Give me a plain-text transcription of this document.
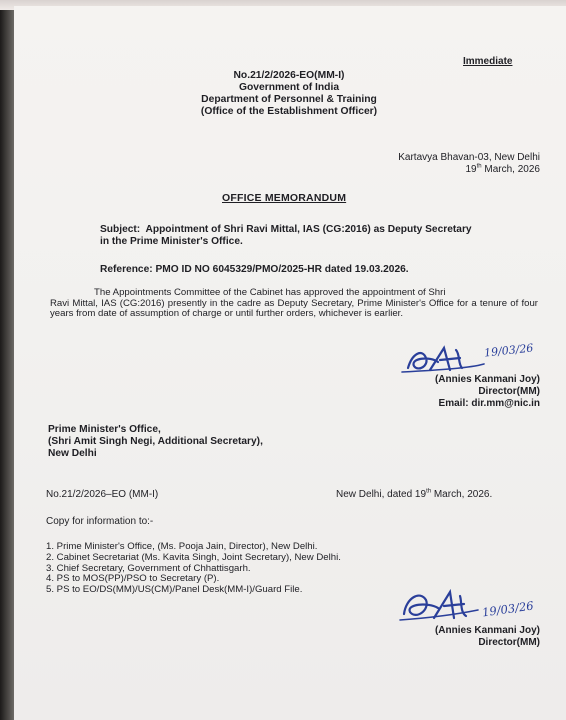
Immediate
No.21/2/2026-EO(MM-I)
Government of India
Department of Personnel & Training
(Office of the Establishment Officer)
Kartavya Bhavan-03, New Delhi
19th March, 2026
OFFICE MEMORANDUM
Subject: Appointment of Shri Ravi Mittal, IAS (CG:2016) as Deputy Secretary
in the Prime Minister's Office.
Reference: PMO ID NO 6045329/PMO/2025-HR dated 19.03.2026.
The Appointments Committee of the Cabinet has approved the appointment of Shri
Ravi Mittal, IAS (CG:2016) presently in the cadre as Deputy Secretary, Prime Minister's Office for a tenure of four years from date of assumption of charge or until further orders, whichever is earlier.
19/03/26
(Annies Kanmani Joy)
Director(MM)
Email: dir.mm@nic.in
Prime Minister's Office,
(Shri Amit Singh Negi, Additional Secretary),
New Delhi
No.21/2/2026–EO (MM-I)	New Delhi, dated 19th March, 2026.
Copy for information to:-
1. Prime Minister's Office, (Ms. Pooja Jain, Director), New Delhi.
2. Cabinet Secretariat (Ms. Kavita Singh, Joint Secretary), New Delhi.
3. Chief Secretary, Government of Chhattisgarh.
4. PS to MOS(PP)/PSO to Secretary (P).
5. PS to EO/DS(MM)/US(CM)/Panel Desk(MM-I)/Guard File.
19/03/26
(Annies Kanmani Joy)
Director(MM)
